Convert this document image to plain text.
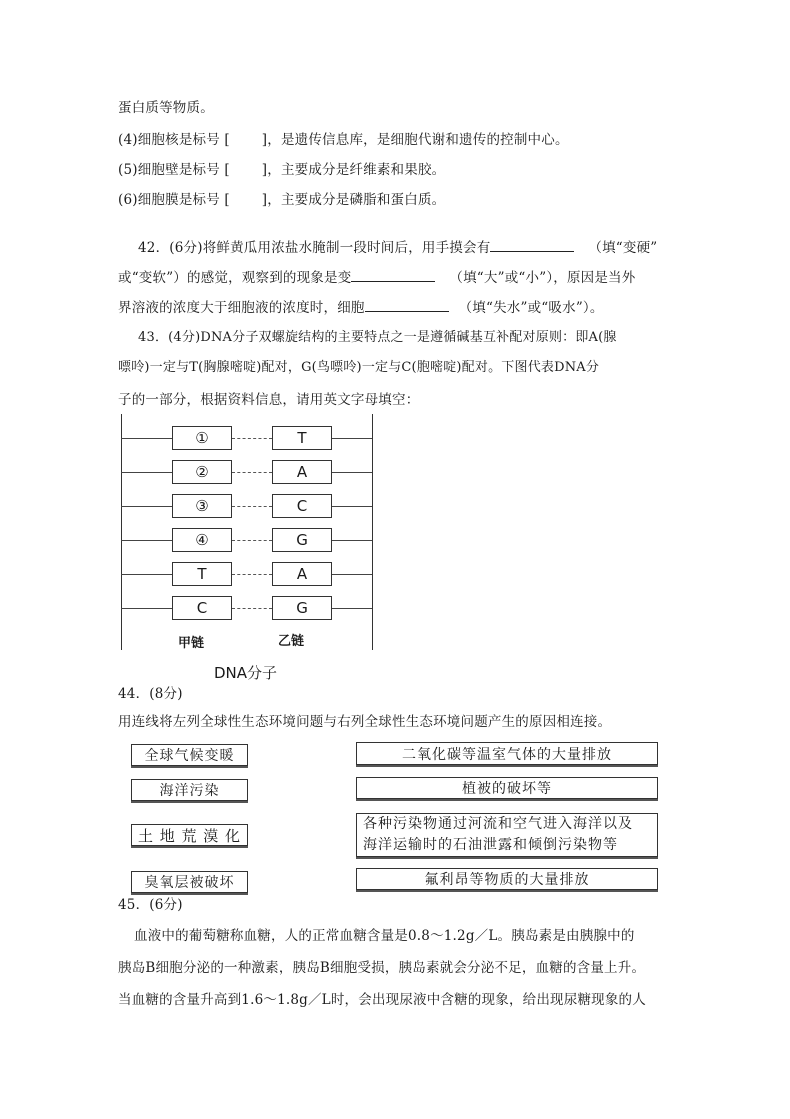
蛋白质等物质。
(4)细胞核是标号 [　　 ]，是遗传信息库，是细胞代谢和遗传的控制中心。
(5)细胞壁是标号 [　　 ]，主要成分是纤维素和果胶。
(6)细胞膜是标号 [　　 ]，主要成分是磷脂和蛋白质。
42．(6分)将鲜黄瓜用浓盐水腌制一段时间后，用手摸会有	（填“变硬”
或“变软”）的感觉，观察到的现象是变	（填“大”或“小”），原因是当外
界溶液的浓度大于细胞液的浓度时，细胞	（填“失水”或“吸水”）。
43．(4分)DNA分子双螺旋结构的主要特点之一是遵循碱基互补配对原则：即A(腺
嘌呤)一定与T(胸腺嘧啶)配对，G(鸟嘌呤)一定与C(胞嘧啶)配对。下图代表DNA分
子的一部分，根据资料信息，请用英文字母填空：
①	T
②	A
③	C
④	G
T	A
C	G
甲链	乙链
DNA分子
44．(8分)
用连线将左列全球性生态环境问题与右列全球性生态环境问题产生的原因相连接。
全球气候变暖
海洋污染
土 地 荒 漠 化
臭氧层被破坏
二氧化碳等温室气体的大量排放
植被的破坏等
各种污染物通过河流和空气进入海洋以及
海洋运输时的石油泄露和倾倒污染物等
氟利昂等物质的大量排放
45．(6分)
血液中的葡萄糖称血糖，人的正常血糖含量是0.8～1.2g／L。胰岛素是由胰腺中的
胰岛B细胞分泌的一种激素，胰岛B细胞受损，胰岛素就会分泌不足，血糖的含量上升。
当血糖的含量升高到1.6～1.8g／L时，会出现尿液中含糖的现象，给出现尿糖现象的人
